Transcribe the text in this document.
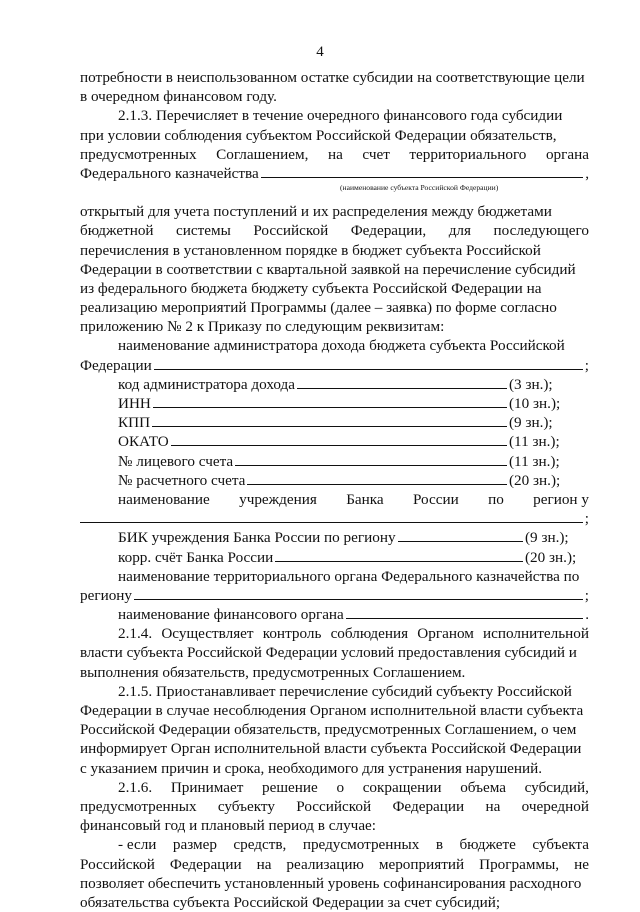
4
потребности в неиспользованном остатке субсидии на соответствующие цели
в очередном финансовом году.
2.1.3. Перечисляет в течение очередного финансового года субсидии
при условии соблюдения субъектом Российской Федерации обязательств,
предусмотренных Соглашением, на счет территориального органа
Федерального казначейства	,
(наименование субъекта Российской Федерации)
открытый для учета поступлений и их распределения между бюджетами
бюджетной системы Российской Федерации, для последующего
перечисления в установленном порядке в бюджет субъекта Российской
Федерации в соответствии с квартальной заявкой на перечисление субсидий
из федерального бюджета бюджету субъекта Российской Федерации на
реализацию мероприятий Программы (далее – заявка) по форме согласно
приложению № 2 к Приказу по следующим реквизитам:
наименование администратора дохода бюджета субъекта Российской
Федерации	;
код администратора дохода	(3 зн.);
ИНН	(10 зн.);
КПП	(9 зн.);
ОКАТО	(11 зн.);
№ лицевого счета	(11 зн.);
№ расчетного счета	(20 зн.);
наименование учреждения Банка России по регион у
;
БИК учреждения Банка России по региону	(9 зн.);
корр. счёт Банка России	(20 зн.);
наименование территориального органа Федерального казначейства по
региону	;
наименование финансового органа	.
2.1.4. Осуществляет контроль соблюдения Органом исполнительной
власти субъекта Российской Федерации условий предоставления субсидий и
выполнения обязательств, предусмотренных Соглашением.
2.1.5. Приостанавливает перечисление субсидий субъекту Российской
Федерации в случае несоблюдения Органом исполнительной власти субъекта
Российской Федерации обязательств, предусмотренных Соглашением, о чем
информирует Орган исполнительной власти субъекта Российской Федерации
с указанием причин и срока, необходимого для устранения нарушений.
2.1.6. Принимает решение о сокращении объема субсидий,
предусмотренных субъекту Российской Федерации на очередной
финансовый год и плановый период в случае:
- если размер средств, предусмотренных в бюджете субъекта
Российской Федерации на реализацию мероприятий Программы, не
позволяет обеспечить установленный уровень софинансирования расходного
обязательства субъекта Российской Федерации за счет субсидий;
